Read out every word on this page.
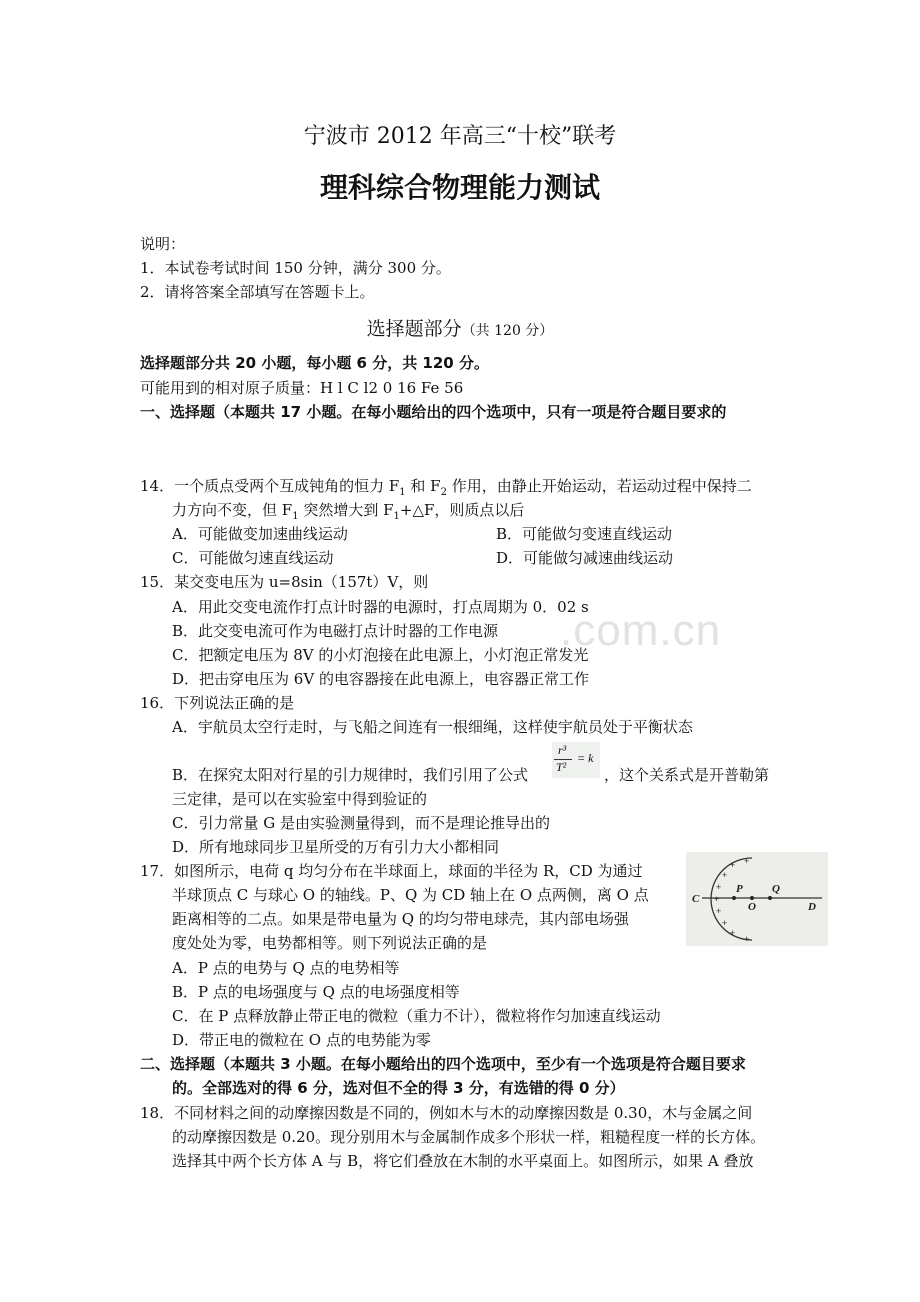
.com.cn
宁波市 2012 年高三“十校”联考
理科综合物理能力测试
说明：
1．本试卷考试时间 150 分钟，满分 300 分。
2．请将答案全部填写在答题卡上。
选择题部分（共 120 分）
选择题部分共 20 小题，每小题 6 分，共 120 分。
可能用到的相对原子质量：H l C l2 0 16 Fe 56
一、选择题（本题共 17 小题。在每小题给出的四个选项中，只有一项是符合题目要求的
14．一个质点受两个互成钝角的恒力 $F_1$ 和 $F_2$ 作用，由静止开始运动，若运动过程中保持二
力方向不变，但 $F_1$ 突然增大到 $F_1+\triangle F$，则质点以后
A．可能做变加速曲线运动	B．可能做匀变速直线运动
C．可能做匀速直线运动	D．可能做匀减速曲线运动
15．某交变电压为 u=8sin（157t）V，则
A．用此交变电流作打点计时器的电源时，打点周期为 0．02 s
B．此交变电流可作为电磁打点计时器的工作电源
C．把额定电压为 8V 的小灯泡接在此电源上，小灯泡正常发光
D．把击穿电压为 6V 的电容器接在此电源上，电容器正常工作
16．下列说法正确的是
A．宇航员太空行走时，与飞船之间连有一根细绳，这样使宇航员处于平衡状态
B．在探究太阳对行星的引力规律时，我们引用了公式
r³
T²
= k
，这个关系式是开普勒第
三定律，是可以在实验室中得到验证的
C．引力常量 G 是由实验测量得到，而不是理论推导出的
D．所有地球同步卫星所受的万有引力大小都相同
17．如图所示，电荷 q 均匀分布在半球面上，球面的半径为 R，CD 为通过
半球顶点 C 与球心 O 的轴线。P、Q 为 CD 轴上在 O 点两侧，离 O 点
距离相等的二点。如果是带电量为 Q 的均匀带电球壳，其内部电场强
度处处为零，电势都相等。则下列说法正确的是
+
+
+
+
+
+
+
+
+
C
P
O
Q
D
A．P 点的电势与 Q 点的电势相等
B．P 点的电场强度与 Q 点的电场强度相等
C．在 P 点释放静止带正电的微粒（重力不计），微粒将作匀加速直线运动
D．带正电的微粒在 O 点的电势能为零
二、选择题（本题共 3 小题。在每小题给出的四个选项中，至少有一个选项是符合题目要求
的。全部选对的得 6 分，选对但不全的得 3 分，有选错的得 0 分）
18．不同材料之间的动摩擦因数是不同的，例如木与木的动摩擦因数是 0.30，木与金属之间
的动摩擦因数是 0.20。现分别用木与金属制作成多个形状一样，粗糙程度一样的长方体。
选择其中两个长方体 A 与 B，将它们叠放在木制的水平桌面上。如图所示，如果 A 叠放
